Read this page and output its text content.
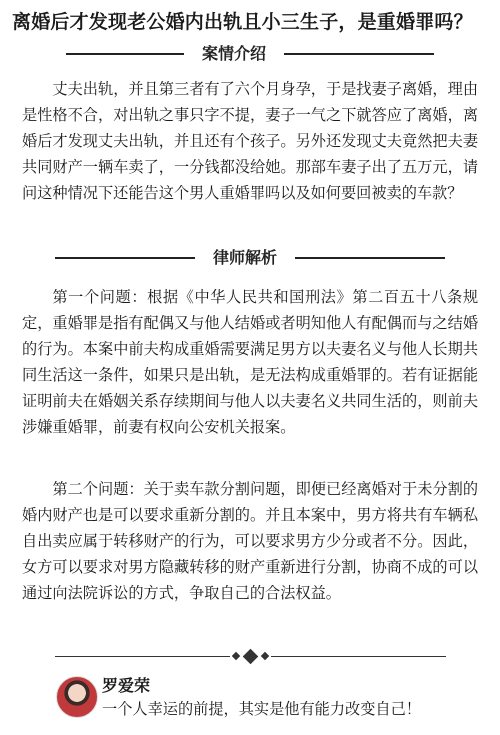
离婚后才发现老公婚内出轨且小三生子，是重婚罪吗？
案情介绍

丈夫出轨，并且第三者有了六个月身孕，于是找妻子离婚，理由是性格不合，对出轨之事只字不提，妻子一气之下就答应了离婚，离婚后才发现丈夫出轨，并且还有个孩子。另外还发现丈夫竟然把夫妻共同财产一辆车卖了，一分钱都没给她。那部车妻子出了五万元，请问这种情况下还能告这个男人重婚罪吗以及如何要回被卖的车款？

律师解析

第一个问题：根据《中华人民共和国刑法》第二百五十八条规定，重婚罪是指有配偶又与他人结婚或者明知他人有配偶而与之结婚的行为。本案中前夫构成重婚需要满足男方以夫妻名义与他人长期共同生活这一条件，如果只是出轨，是无法构成重婚罪的。若有证据能证明前夫在婚姻关系存续期间与他人以夫妻名义共同生活的，则前夫涉嫌重婚罪，前妻有权向公安机关报案。

第二个问题：关于卖车款分割问题，即便已经离婚对于未分割的婚内财产也是可以要求重新分割的。并且本案中，男方将共有车辆私自出卖应属于转移财产的行为，可以要求男方少分或者不分。因此，女方可以要求对男方隐藏转移的财产重新进行分割，协商不成的可以通过向法院诉讼的方式，争取自己的合法权益。

罗爱荣
一个人幸运的前提，其实是他有能力改变自己！
